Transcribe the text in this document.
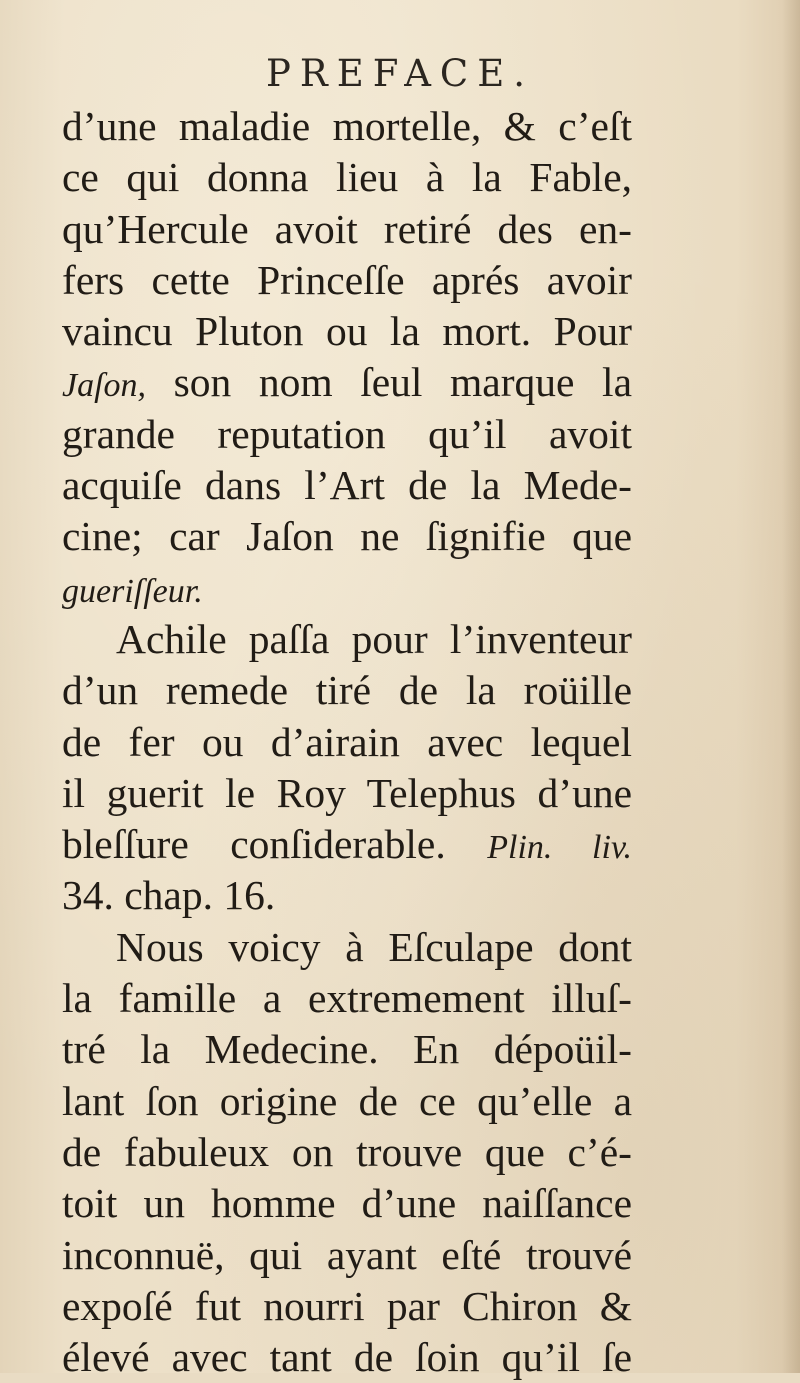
PREFACE.
d’une maladie mortelle, & c’eſt
ce qui donna lieu à la Fable,
qu’Hercule avoit retiré des en-
fers cette Princeſſe aprés avoir
vaincu Pluton ou la mort. Pour
Jaſon, son nom ſeul marque la
grande reputation qu’il avoit
acquiſe dans l’Art de la Mede-
cine; car Jaſon ne ſignifie que
gueriſſeur.
Achile paſſa pour l’inventeur
d’un remede tiré de la roüille
de fer ou d’airain avec lequel
il guerit le Roy Telephus d’une
bleſſure conſiderable. Plin. liv.
34. chap. 16.
Nous voicy à Eſculape dont
la famille a extremement illuſ-
tré la Medecine. En dépoüil-
lant ſon origine de ce qu’elle a
de fabuleux on trouve que c’é-
toit un homme d’une naiſſance
inconnuë, qui ayant eſté trouvé
expoſé fut nourri par Chiron &
élevé avec tant de ſoin qu’il ſe
